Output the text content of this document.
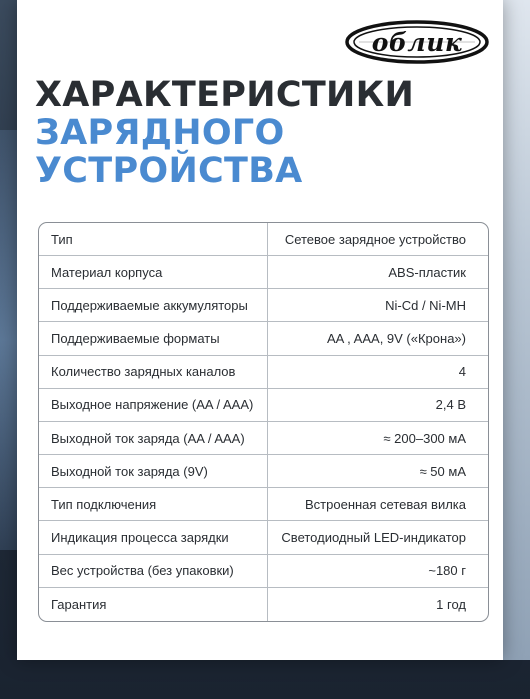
облик
ХАРАКТЕРИСТИКИ
ЗАРЯДНОГО
УСТРОЙСТВА
Тип	Сетевое зарядное устройство
Материал корпуса	ABS-пластик
Поддерживаемые аккумуляторы	Ni-Cd / Ni-MH
Поддерживаемые форматы	AA , AAA, 9V («Крона»)
Количество зарядных каналов	4
Выходное напряжение (AA / AAA)	2,4 В
Выходной ток заряда (AA / AAA)	≈ 200–300 мА
Выходной ток заряда (9V)	≈ 50 мА
Тип подключения	Встроенная сетевая вилка
Индикация процесса зарядки	Светодиодный LED-индикатор
Вес устройства (без упаковки)	~180 г
Гарантия	1 год
